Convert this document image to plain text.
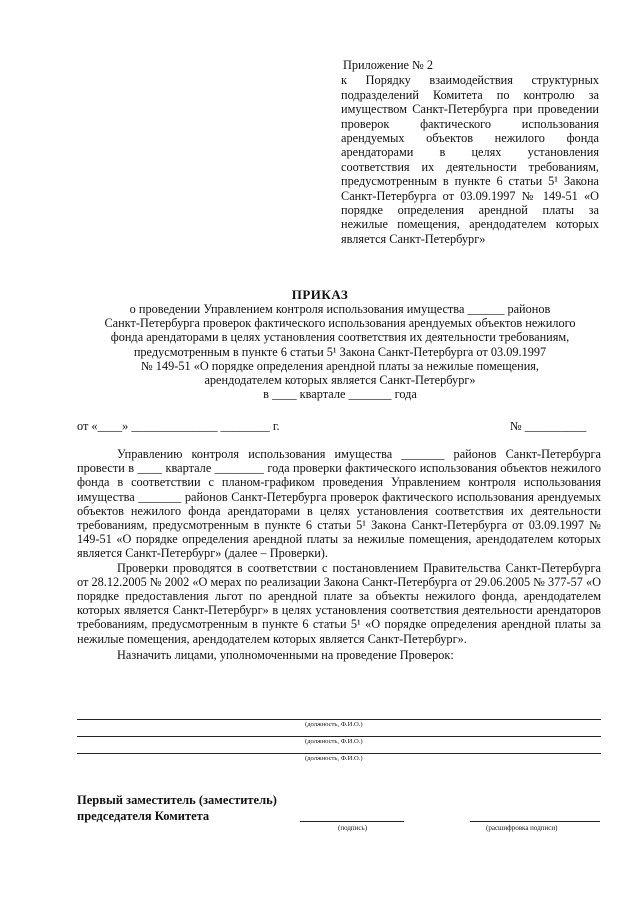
Приложение № 2
к Порядку взаимодействия структурных подразделений Комитета по контролю за имуществом Санкт-Петербурга при проведении проверок фактического использования арендуемых объектов нежилого фонда арендаторами в целях установления соответствия их деятельности требованиям, предусмотренным в пункте 6 статьи 5¹ Закона Санкт-Петербурга от 03.09.1997 № 149-51 «О порядке определения арендной платы за нежилые помещения, арендодателем которых является Санкт-Петербург»
ПРИКАЗ

о проведении Управлением контроля использования имущества ______ районов

Санкт-Петербурга проверок фактического использования арендуемых объектов нежилого

фонда арендаторами в целях установления соответствия их деятельности требованиям,

предусмотренным в пункте 6 статьи 5¹ Закона Санкт-Петербурга от 03.09.1997

№ 149-51 «О порядке определения арендной платы за нежилые помещения,

арендодателем которых является Санкт-Петербург»

в ____ квартале _______ года

от «____» ______________ ________ г.	№ __________

Управлению контроля использования имущества _______ районов Санкт-Петербурга провести в ____ квартале ________ года проверки фактического использования объектов нежилого фонда в соответствии с планом-графиком проведения Управлением контроля использования имущества _______ районов Санкт-Петербурга проверок фактического использования арендуемых объектов нежилого фонда арендаторами в целях установления соответствия их деятельности требованиям, предусмотренным в пункте 6 статьи 5¹ Закона Санкт-Петербурга от 03.09.1997 № 149-51 «О порядке определения арендной платы за нежилые помещения, арендодателем которых является Санкт-Петербург» (далее – Проверки).

Проверки проводятся в соответствии с постановлением Правительства Санкт-Петербурга от 28.12.2005 № 2002 «О мерах по реализации Закона Санкт-Петербурга от 29.06.2005 № 377-57 «О порядке предоставления льгот по арендной плате за объекты нежилого фонда, арендодателем которых является Санкт-Петербург» в целях установления соответствия деятельности арендаторов требованиям, предусмотренным в пункте 6 статьи 5¹ «О порядке определения арендной платы за нежилые помещения, арендодателем которых является Санкт-Петербург».

Назначить лицами, уполномоченными на проведение Проверок:

(должность, Ф.И.О.)
(должность, Ф.И.О.)
(должность, Ф.И.О.)

Первый заместитель (заместитель)

председателя Комитета

(подпись)	(расшифровка подписи)
